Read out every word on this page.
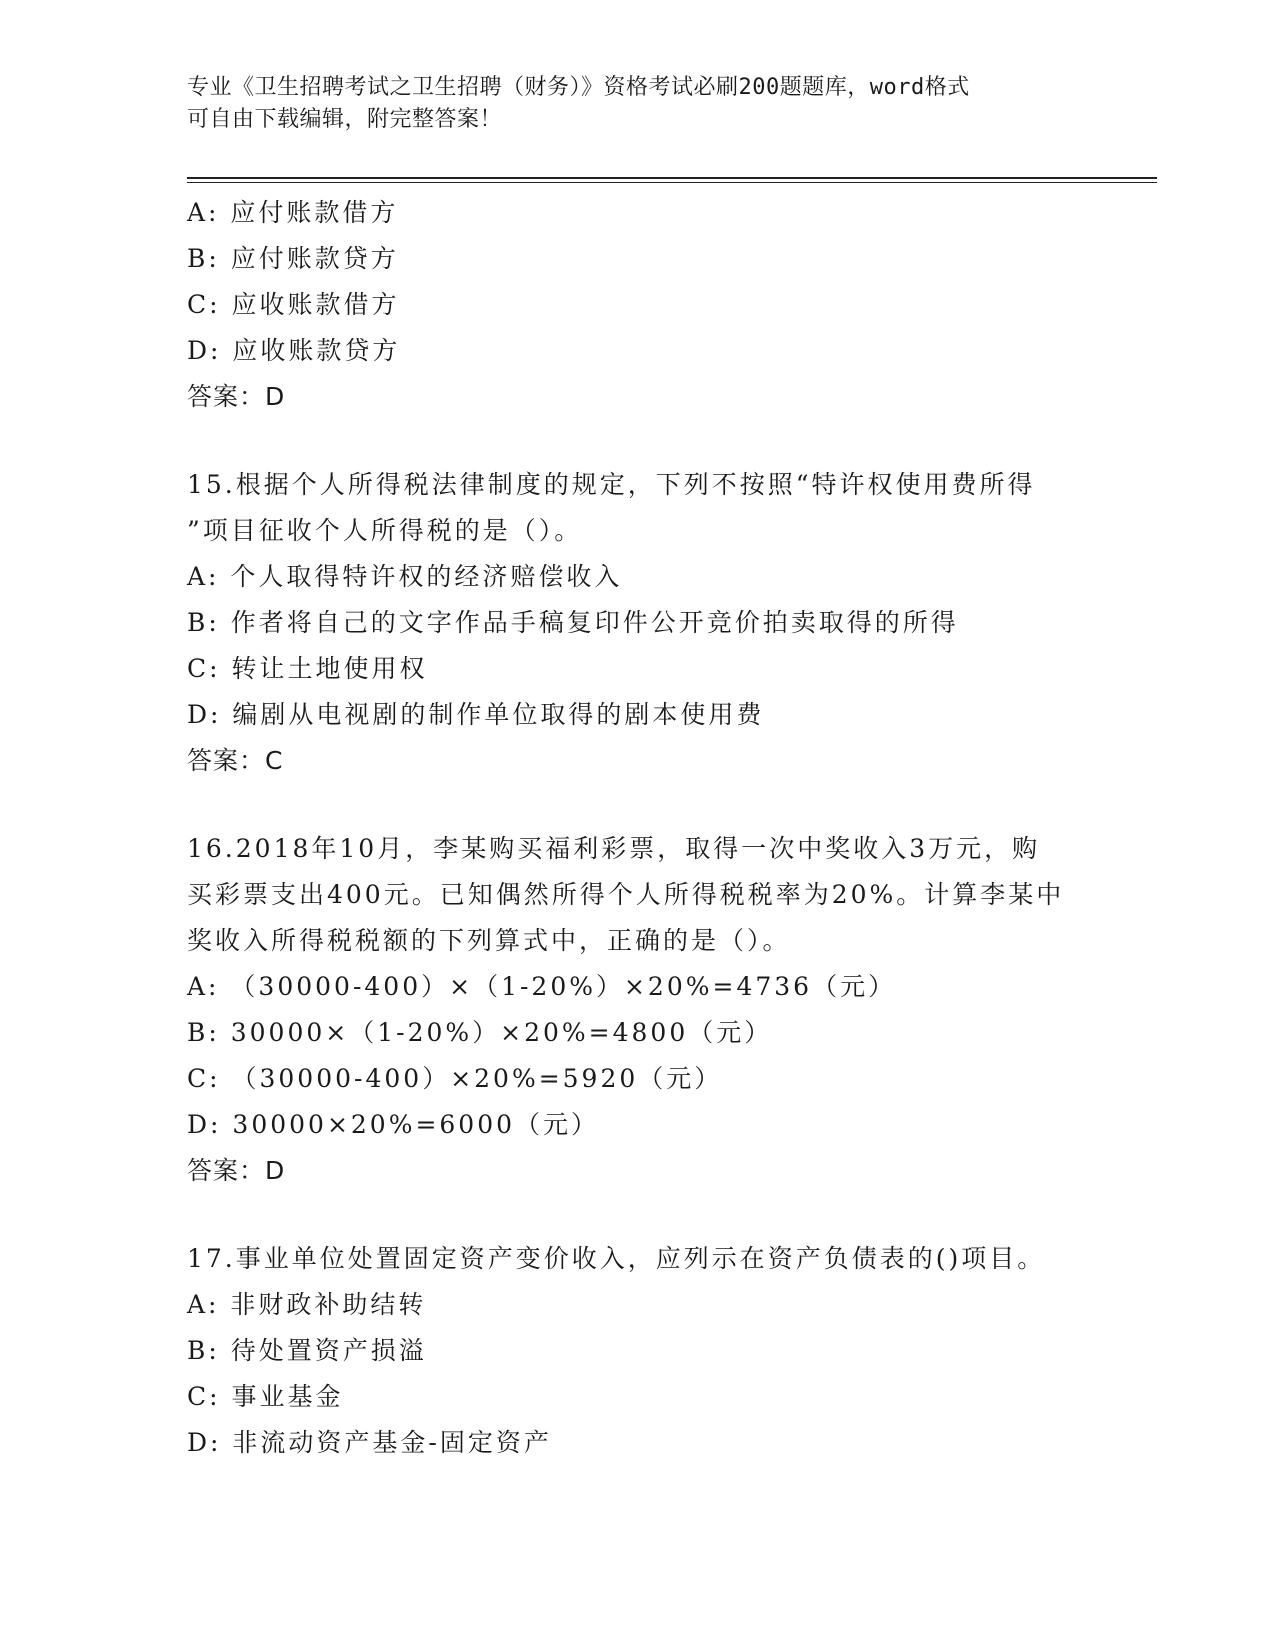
专业《卫生招聘考试之卫生招聘（财务）》资格考试必刷200题题库，word格式
可自由下载编辑，附完整答案！
A: 应付账款借方
B: 应付账款贷方
C: 应收账款借方
D: 应收账款贷方
答案：D
15.根据个人所得税法律制度的规定，下列不按照“特许权使用费所得
”项目征收个人所得税的是（）。
A: 个人取得特许权的经济赔偿收入
B: 作者将自己的文字作品手稿复印件公开竞价拍卖取得的所得
C: 转让土地使用权
D: 编剧从电视剧的制作单位取得的剧本使用费
答案：C
16.2018年10月，李某购买福利彩票，取得一次中奖收入3万元，购
买彩票支出400元。已知偶然所得个人所得税税率为20%。计算李某中
奖收入所得税税额的下列算式中，正确的是（）。
A: （30000-400）×（1-20%）×20%=4736（元）
B: 30000×（1-20%）×20%=4800（元）
C: （30000-400）×20%=5920（元）
D: 30000×20%=6000（元）
答案：D
17.事业单位处置固定资产变价收入，应列示在资产负债表的()项目。
A: 非财政补助结转
B: 待处置资产损溢
C: 事业基金
D: 非流动资产基金-固定资产
